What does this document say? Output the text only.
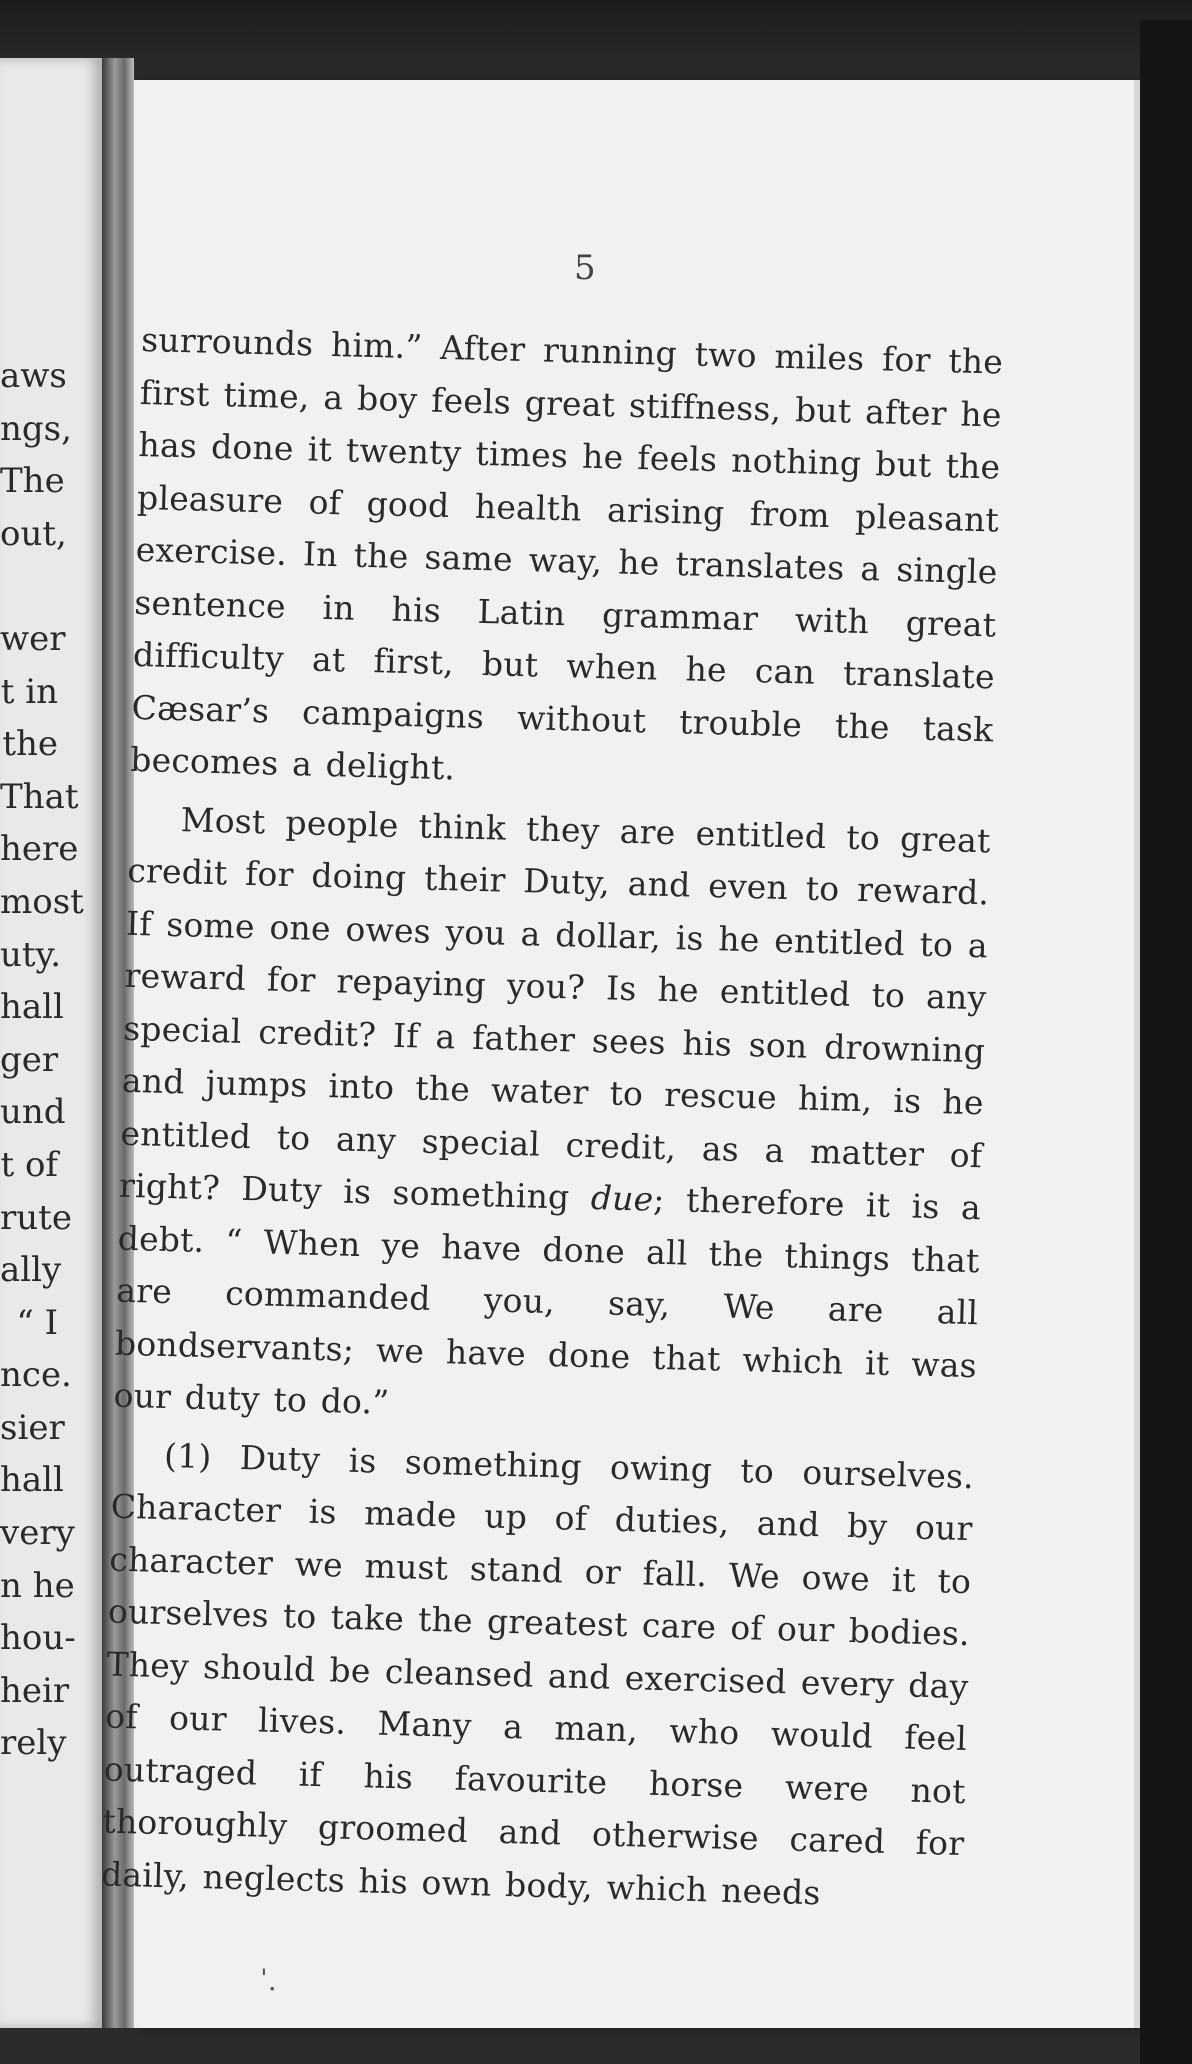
aws
ngs,
The
out,
wer
t in
the
That
here
most
uty.
hall
ger
und
t of
rute
ally
“ I
nce.
sier
hall
very
n he
hou-
heir
rely
5

surrounds him.” After running two miles for the first time, a boy feels great stiffness, but after he has done it twenty times he feels nothing but the pleasure of good health arising from pleasant exercise. In the same way, he translates a single sentence in his Latin grammar with great difficulty at first, but when he can translate Cæsar’s campaigns without trouble the task becomes a delight.

Most people think they are entitled to great credit for doing their Duty, and even to reward. If some one owes you a dollar, is he entitled to a reward for repaying you? Is he entitled to any special credit? If a father sees his son drowning and jumps into the water to rescue him, is he entitled to any special credit, as a matter of right? Duty is something due; therefore it is a debt. “ When ye have done all the things that are commanded you, say, We are all bondservants; we have done that which it was our duty to do.”

(1) Duty is something owing to ourselves. Character is made up of duties, and by our character we must stand or fall. We owe it to ourselves to take the greatest care of our bodies. They should be cleansed and exercised every day of our lives. Many a man, who would feel outraged if his favourite horse were not thoroughly groomed and otherwise cared for daily, neglects his own body, which needs

ˈ.
